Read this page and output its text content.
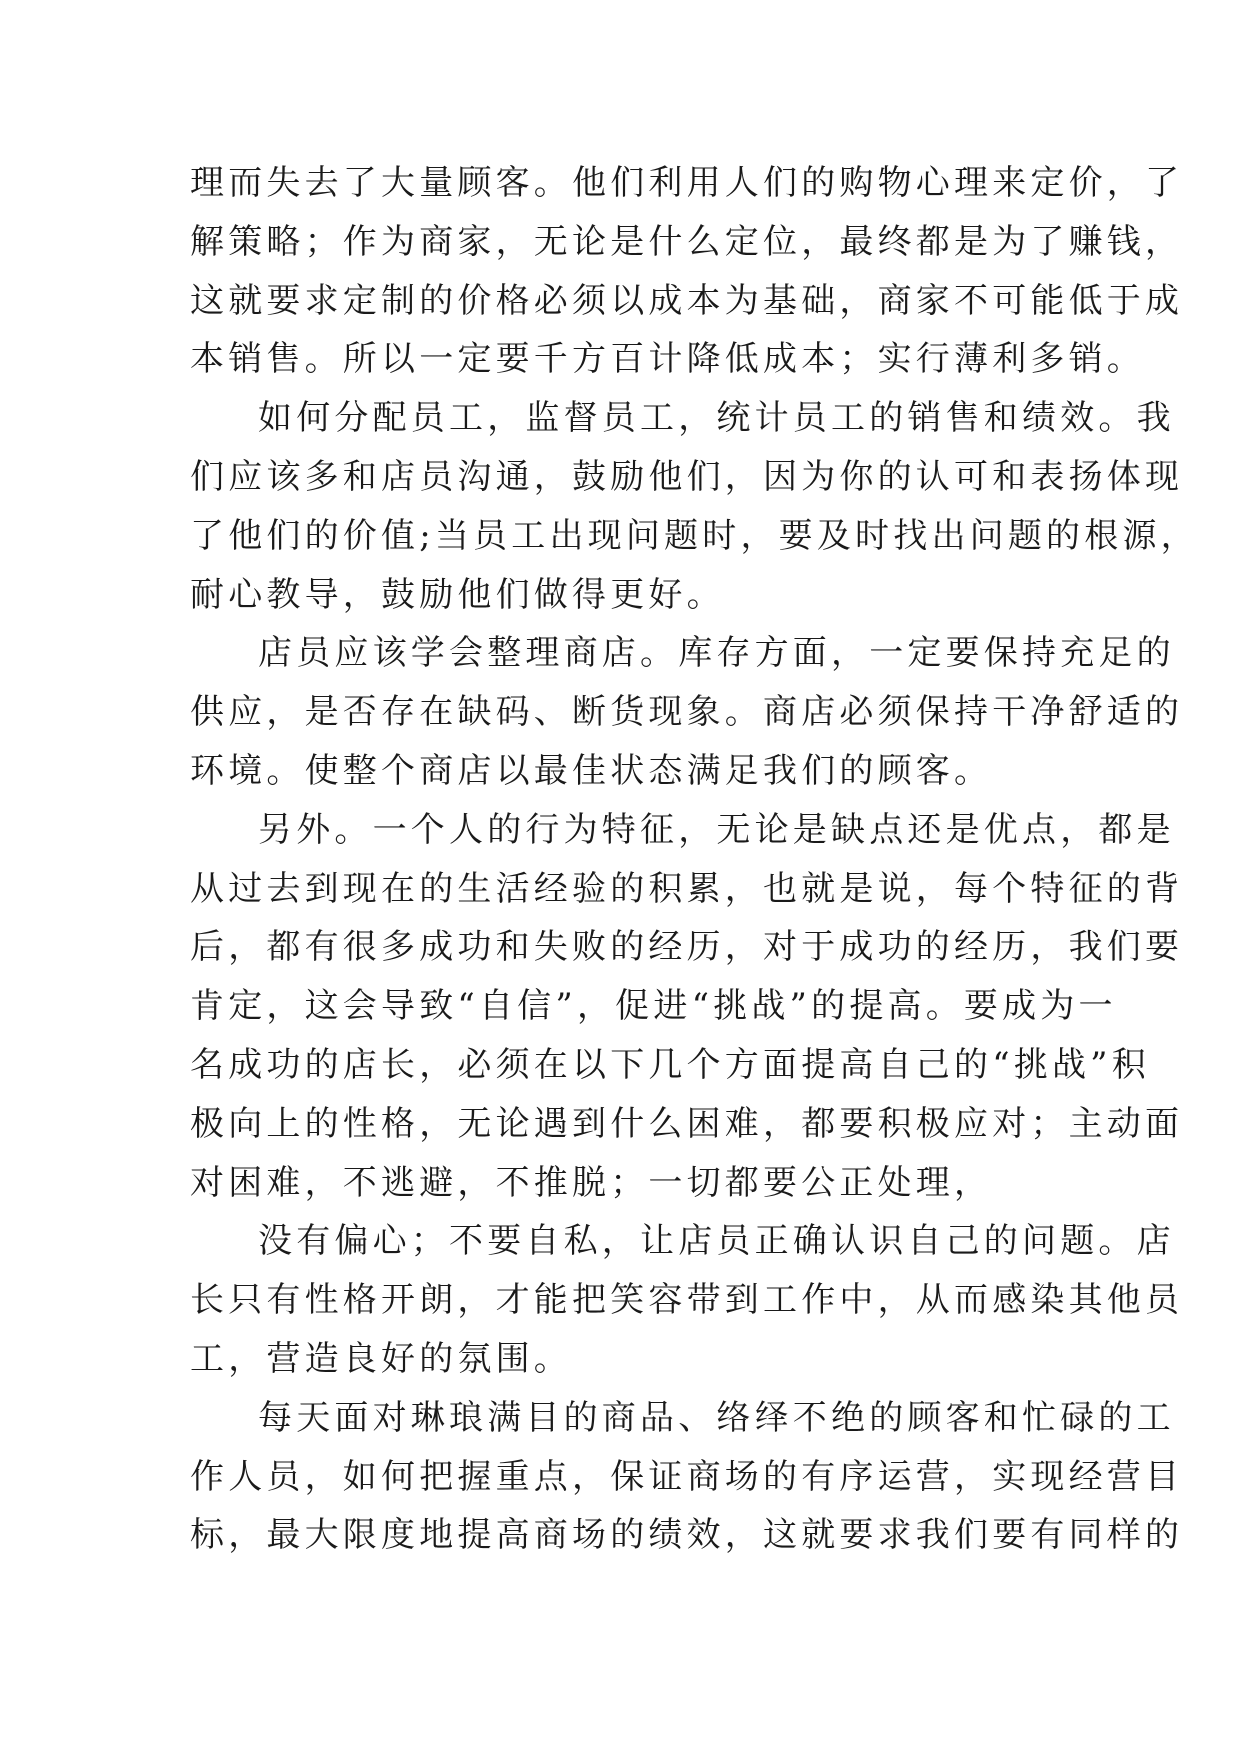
理而失去了大量顾客。他们利用人们的购物心理来定价，了
解策略；作为商家，无论是什么定位，最终都是为了赚钱，
这就要求定制的价格必须以成本为基础，商家不可能低于成
本销售。所以一定要千方百计降低成本；实行薄利多销。
如何分配员工，监督员工，统计员工的销售和绩效。我
们应该多和店员沟通，鼓励他们，因为你的认可和表扬体现
了他们的价值;当员工出现问题时，要及时找出问题的根源，
耐心教导，鼓励他们做得更好。
店员应该学会整理商店。库存方面，一定要保持充足的
供应，是否存在缺码、断货现象。商店必须保持干净舒适的
环境。使整个商店以最佳状态满足我们的顾客。
另外。一个人的行为特征，无论是缺点还是优点，都是
从过去到现在的生活经验的积累，也就是说，每个特征的背
后，都有很多成功和失败的经历，对于成功的经历，我们要
肯定，这会导致“自信”，促进“挑战”的提高。要成为一
名成功的店长，必须在以下几个方面提高自己的“挑战”积
极向上的性格，无论遇到什么困难，都要积极应对；主动面
对困难，不逃避，不推脱；一切都要公正处理，
没有偏心；不要自私，让店员正确认识自己的问题。店
长只有性格开朗，才能把笑容带到工作中，从而感染其他员
工，营造良好的氛围。
每天面对琳琅满目的商品、络绎不绝的顾客和忙碌的工
作人员，如何把握重点，保证商场的有序运营，实现经营目
标，最大限度地提高商场的绩效，这就要求我们要有同样的
